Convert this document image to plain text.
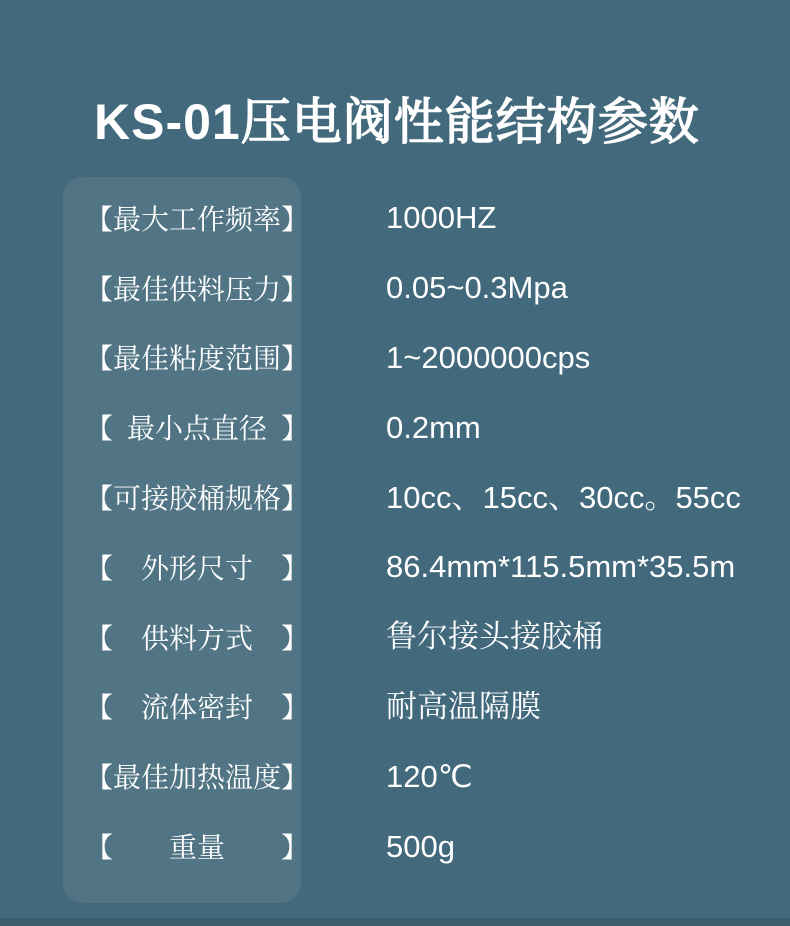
KS-01压电阀性能结构参数
【最大工作频率】 1000HZ
【最佳供料压力】 0.05~0.3Mpa
【最佳粘度范围】 1~2000000cps
【 最小点直径 】 0.2mm
【可接胶桶规格】 10cc、15cc、30cc。55cc
【　外形尺寸　】 86.4mm*115.5mm*35.5m
【　供料方式　】 鲁尔接头接胶桶
【　流体密封　】 耐高温隔膜
【最佳加热温度】 120℃
【　　重量　　】 500g
